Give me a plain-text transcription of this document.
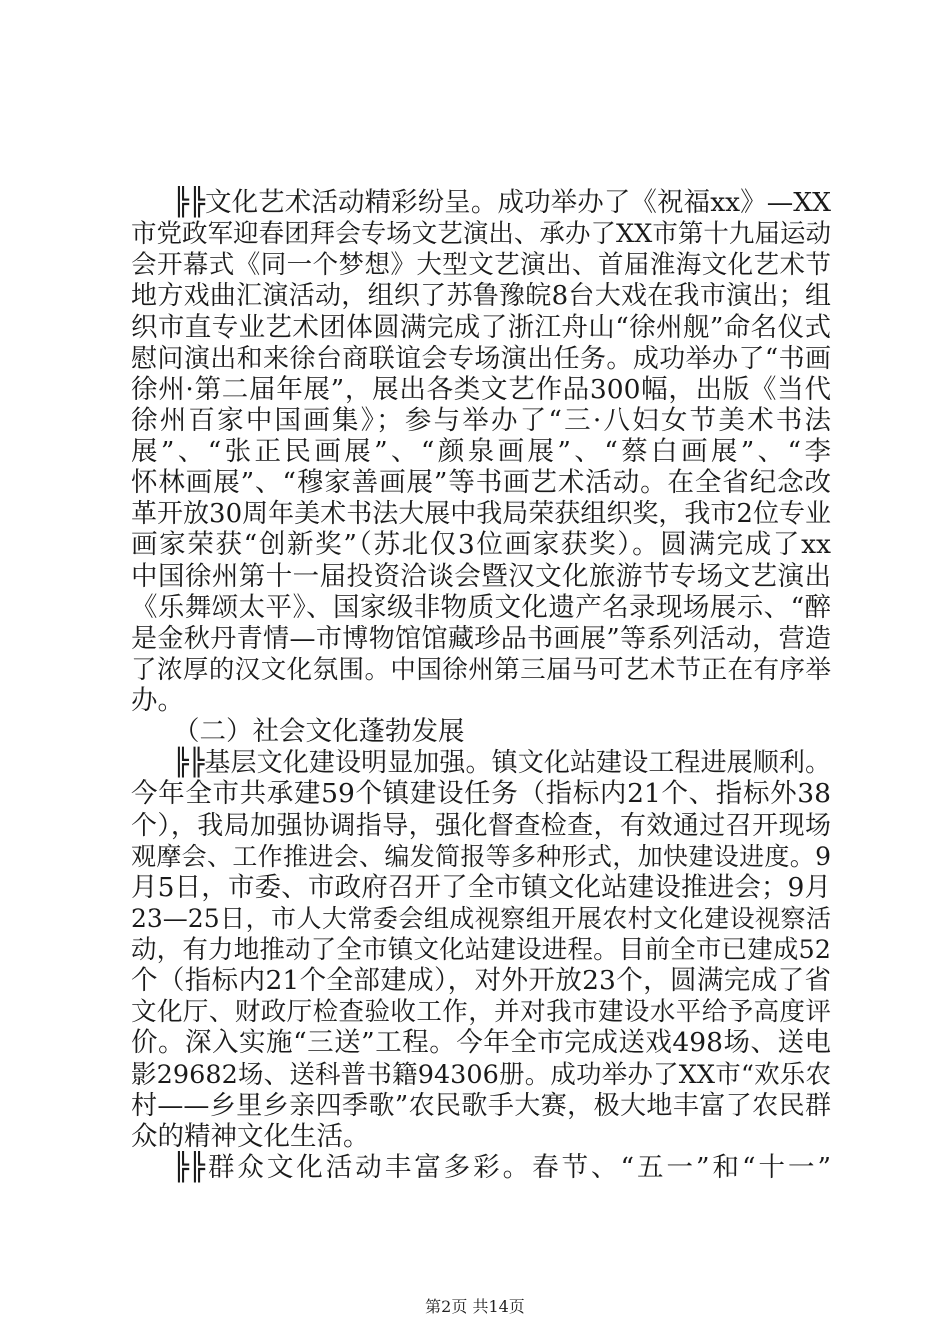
╠╠文化艺术活动精彩纷呈。成功举办了《祝福xx》—XX
市党政军迎春团拜会专场文艺演出、承办了XX市第十九届运动
会开幕式《同一个梦想》大型文艺演出、首届淮海文化艺术节
地方戏曲汇演活动，组织了苏鲁豫皖8台大戏在我市演出；组
织市直专业艺术团体圆满完成了浙江舟山“徐州舰”命名仪式
慰问演出和来徐台商联谊会专场演出任务。成功举办了“书画
徐州·第二届年展”，展出各类文艺作品300幅，出版《当代
徐州百家中国画集》；参与举办了“三·八妇女节美术书法
展”、“张正民画展”、“颜泉画展”、“蔡白画展”、“李
怀林画展”、“穆家善画展”等书画艺术活动。在全省纪念改
革开放30周年美术书法大展中我局荣获组织奖，我市2位专业
画家荣获“创新奖”（苏北仅3位画家获奖）。圆满完成了xx
中国徐州第十一届投资洽谈会暨汉文化旅游节专场文艺演出
《乐舞颂太平》、国家级非物质文化遗产名录现场展示、“醉
是金秋丹青情—市博物馆馆藏珍品书画展”等系列活动，营造
了浓厚的汉文化氛围。中国徐州第三届马可艺术节正在有序举
办。
（二）社会文化蓬勃发展
╠╠基层文化建设明显加强。镇文化站建设工程进展顺利。
今年全市共承建59个镇建设任务（指标内21个、指标外38
个），我局加强协调指导，强化督查检查，有效通过召开现场
观摩会、工作推进会、编发简报等多种形式，加快建设进度。9
月5日，市委、市政府召开了全市镇文化站建设推进会；9月
23—25日，市人大常委会组成视察组开展农村文化建设视察活
动，有力地推动了全市镇文化站建设进程。目前全市已建成52
个（指标内21个全部建成），对外开放23个，圆满完成了省
文化厅、财政厅检查验收工作，并对我市建设水平给予高度评
价。深入实施“三送”工程。今年全市完成送戏498场、送电
影29682场、送科普书籍94306册。成功举办了XX市“欢乐农
村——乡里乡亲四季歌”农民歌手大赛，极大地丰富了农民群
众的精神文化生活。
╠╠群众文化活动丰富多彩。春节、“五一”和“十一”
第2页 共14页
